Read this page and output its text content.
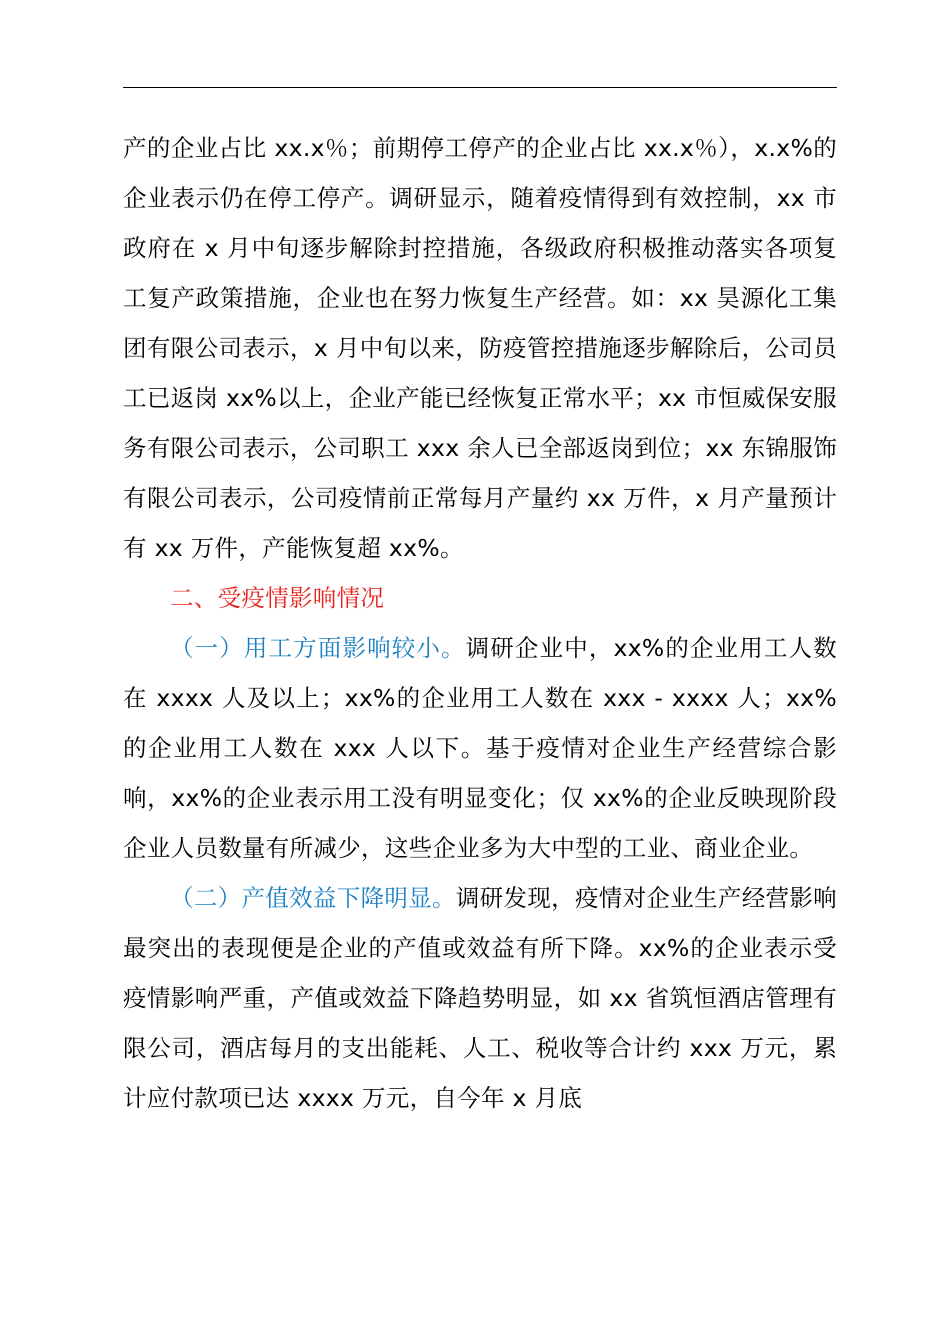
产的企业占比 xx.x％；前期停工停产的企业占比 xx.x％），x.x%的企业表示仍在停工停产。调研显示，随着疫情得到有效控制，xx 市政府在 x 月中旬逐步解除封控措施，各级政府积极推动落实各项复工复产政策措施，企业也在努力恢复生产经营。如：xx 昊源化工集团有限公司表示，x 月中旬以来，防疫管控措施逐步解除后，公司员工已返岗 xx%以上，企业产能已经恢复正常水平；xx 市恒威保安服务有限公司表示，公司职工 xxx 余人已全部返岗到位；xx 东锦服饰有限公司表示，公司疫情前正常每月产量约 xx 万件，x 月产量预计有 xx 万件，产能恢复超 xx%。

二、受疫情影响情况

（一）用工方面影响较小。调研企业中，xx%的企业用工人数在 xxxx 人及以上；xx%的企业用工人数在 xxx - xxxx 人；xx%的企业用工人数在 xxx 人以下。基于疫情对企业生产经营综合影响，xx%的企业表示用工没有明显变化；仅 xx%的企业反映现阶段企业人员数量有所减少，这些企业多为大中型的工业、商业企业。

（二）产值效益下降明显。调研发现，疫情对企业生产经营影响最突出的表现便是企业的产值或效益有所下降。xx%的企业表示受疫情影响严重，产值或效益下降趋势明显，如 xx 省筑恒酒店管理有限公司，酒店每月的支出能耗、人工、税收等合计约 xxx 万元，累计应付款项已达 xxxx 万元，自今年 x 月底
